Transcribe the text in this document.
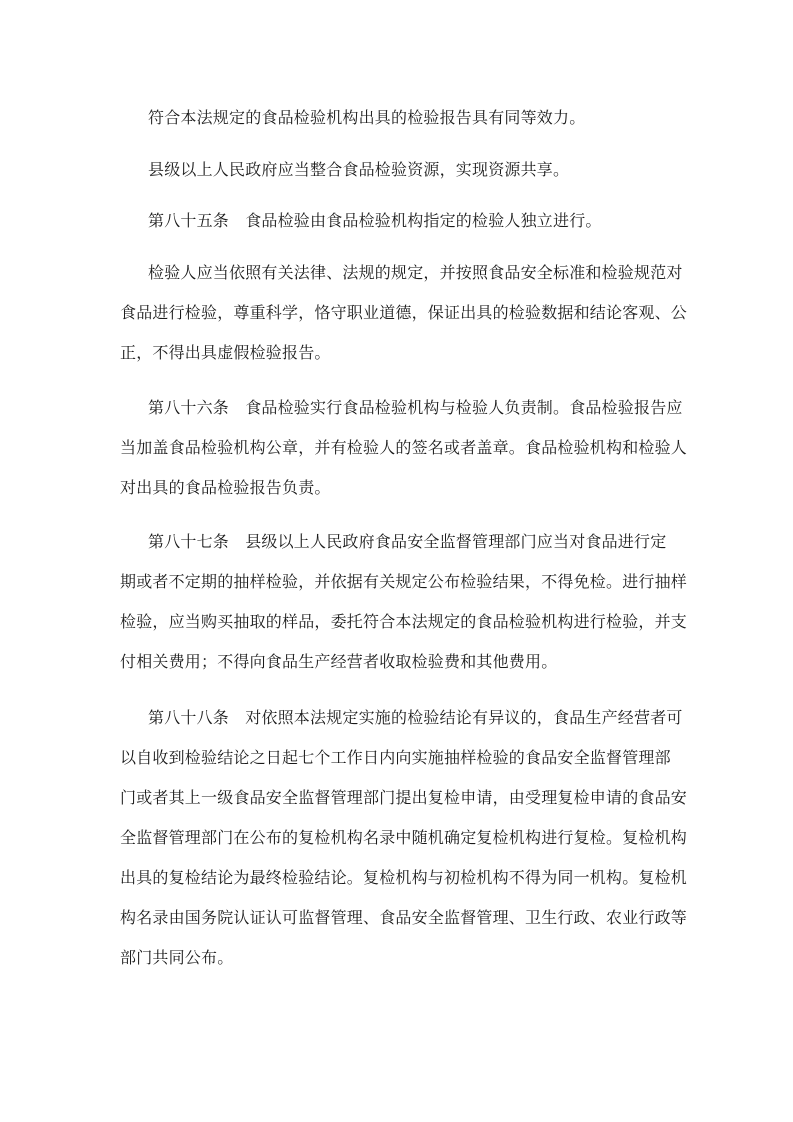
符合本法规定的食品检验机构出具的检验报告具有同等效力。
县级以上人民政府应当整合食品检验资源，实现资源共享。
第八十五条　食品检验由食品检验机构指定的检验人独立进行。
检验人应当依照有关法律、法规的规定，并按照食品安全标准和检验规范对
食品进行检验，尊重科学，恪守职业道德，保证出具的检验数据和结论客观、公
正，不得出具虚假检验报告。
第八十六条　食品检验实行食品检验机构与检验人负责制。食品检验报告应
当加盖食品检验机构公章，并有检验人的签名或者盖章。食品检验机构和检验人
对出具的食品检验报告负责。
第八十七条　县级以上人民政府食品安全监督管理部门应当对食品进行定
期或者不定期的抽样检验，并依据有关规定公布检验结果，不得免检。进行抽样
检验，应当购买抽取的样品，委托符合本法规定的食品检验机构进行检验，并支
付相关费用；不得向食品生产经营者收取检验费和其他费用。
第八十八条　对依照本法规定实施的检验结论有异议的，食品生产经营者可
以自收到检验结论之日起七个工作日内向实施抽样检验的食品安全监督管理部
门或者其上一级食品安全监督管理部门提出复检申请，由受理复检申请的食品安
全监督管理部门在公布的复检机构名录中随机确定复检机构进行复检。复检机构
出具的复检结论为最终检验结论。复检机构与初检机构不得为同一机构。复检机
构名录由国务院认证认可监督管理、食品安全监督管理、卫生行政、农业行政等
部门共同公布。
